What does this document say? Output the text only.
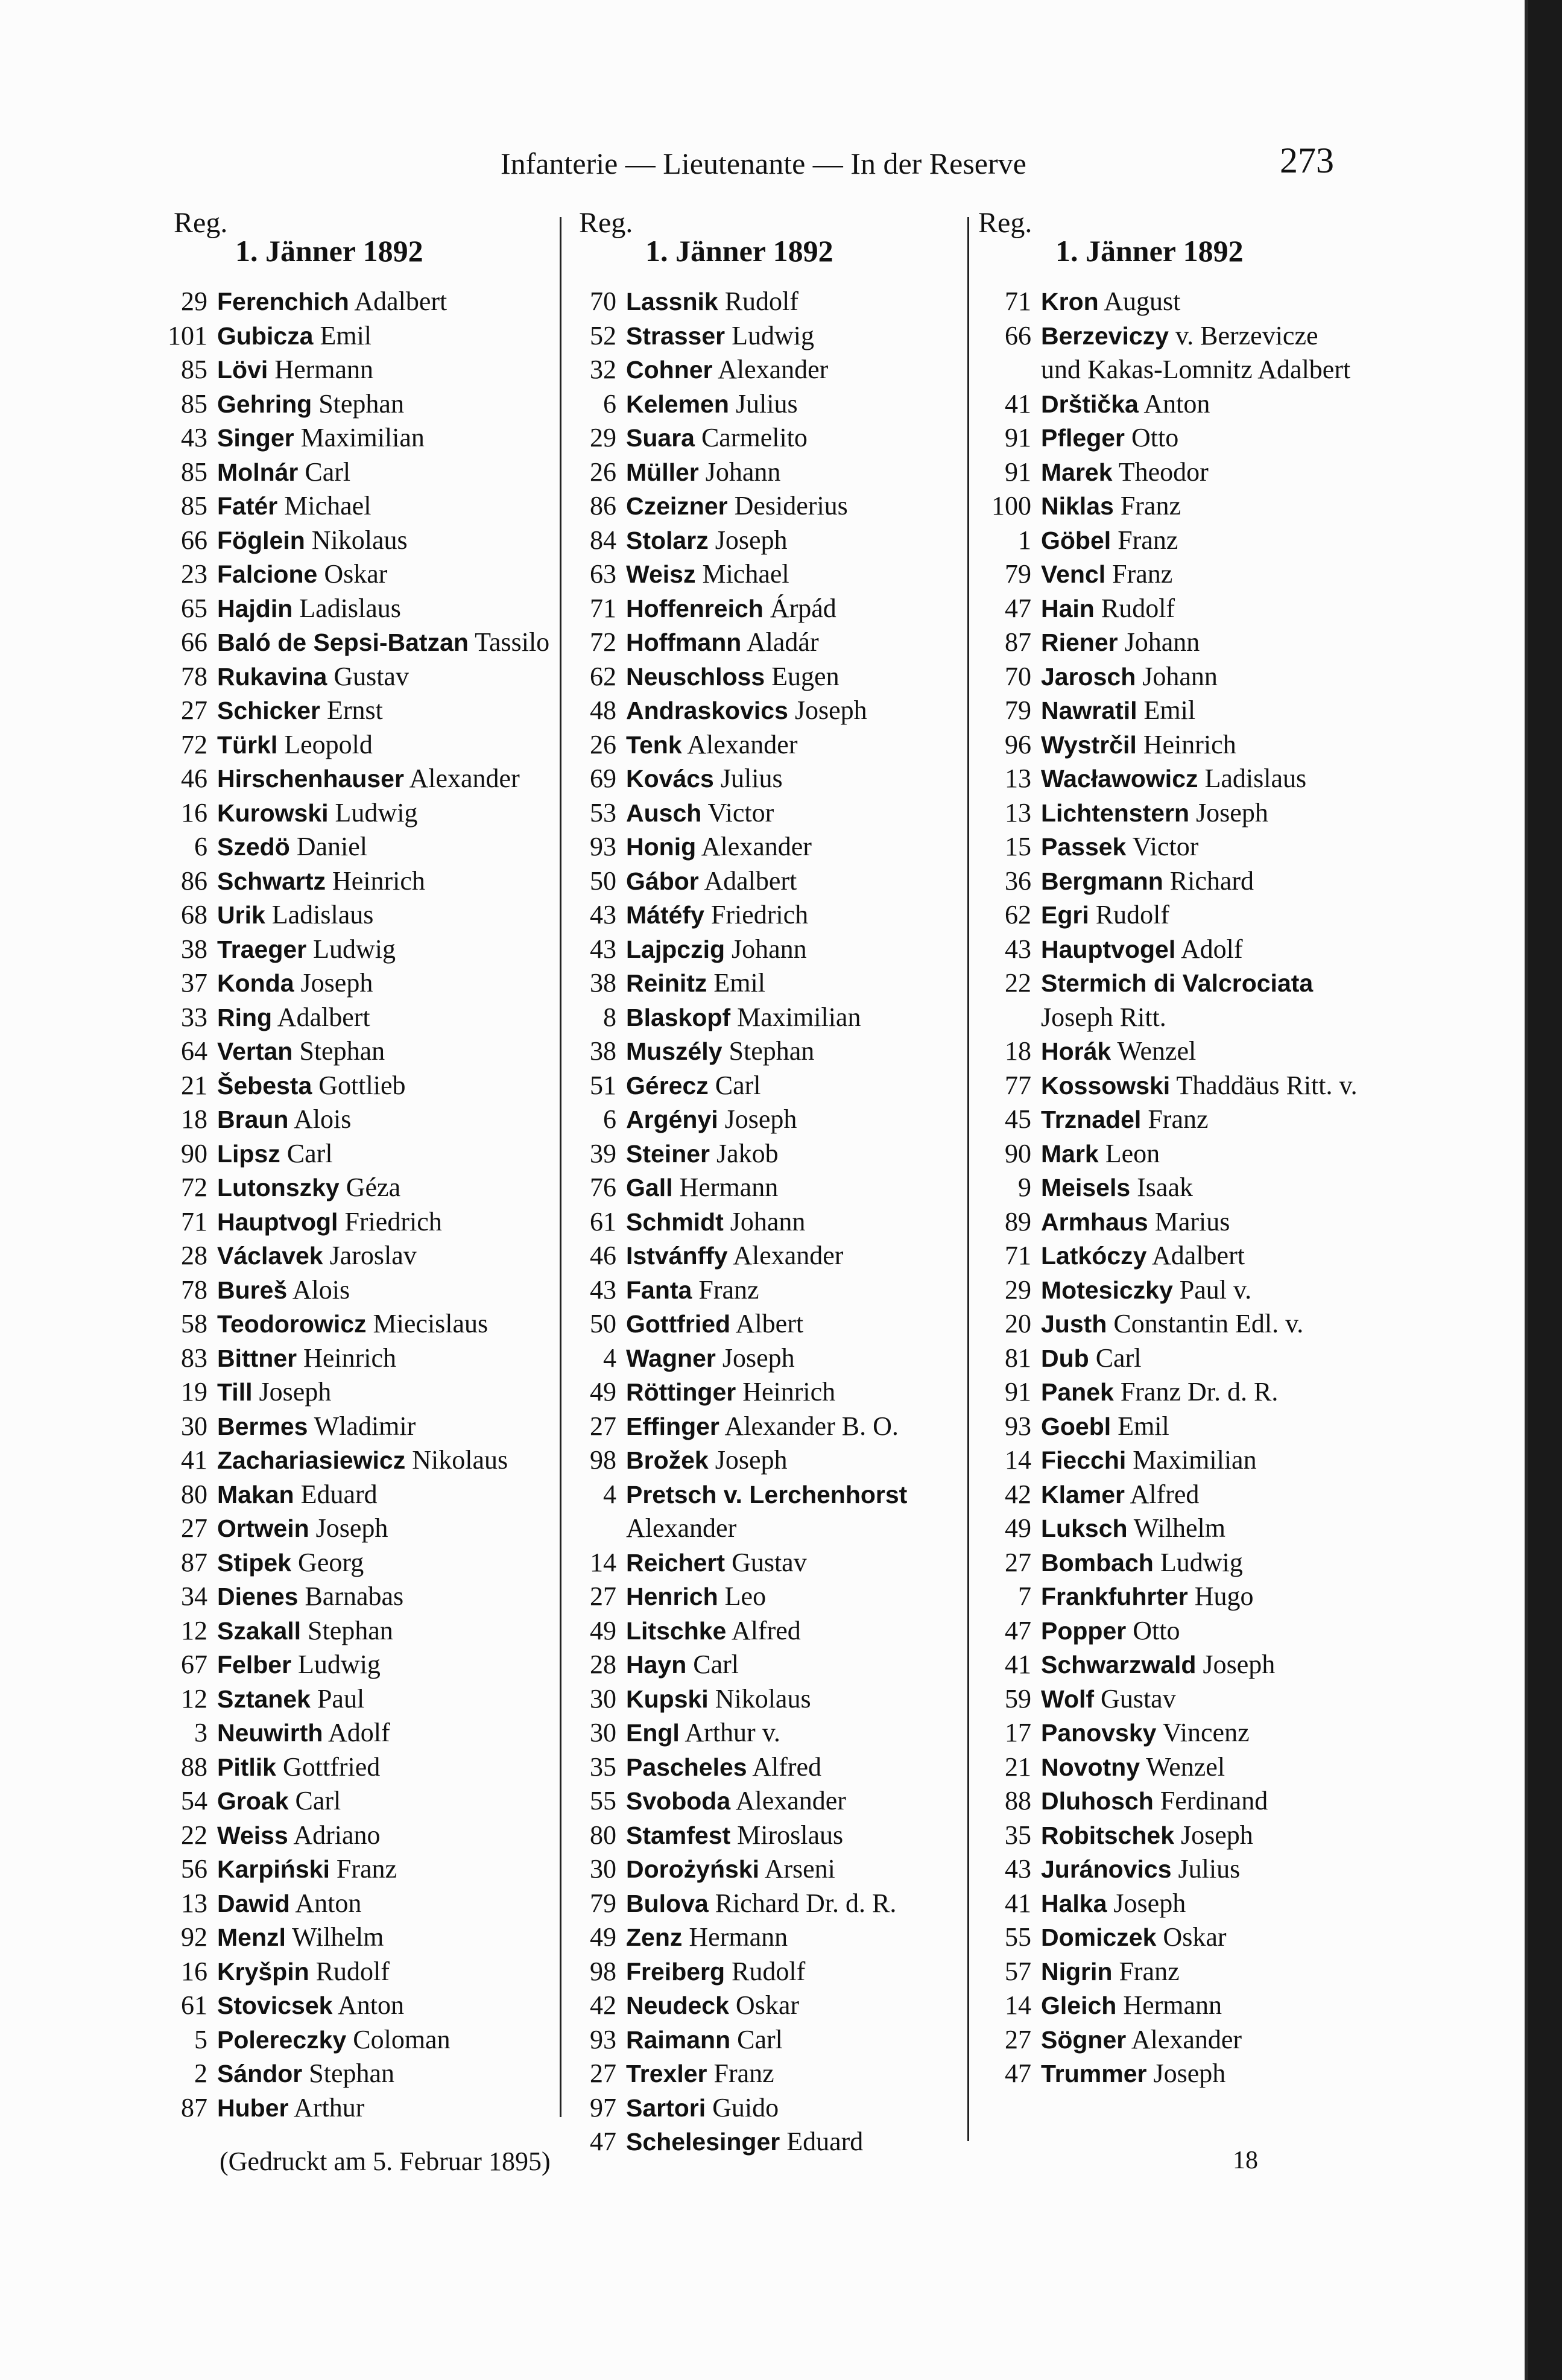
Infanterie — Lieutenante — In der Reserve	273
Reg.
1. Jänner 1892
29 Ferenchich Adalbert
101 Gubicza Emil
85 Lövi Hermann
85 Gehring Stephan
43 Singer Maximilian
85 Molnár Carl
85 Fatér Michael
66 Föglein Nikolaus
23 Falcione Oskar
65 Hajdin Ladislaus
66 Baló de Sepsi-Batzan Tassilo
78 Rukavina Gustav
27 Schicker Ernst
72 Türkl Leopold
46 Hirschenhauser Alexander
16 Kurowski Ludwig
6 Szedö Daniel
86 Schwartz Heinrich
68 Urik Ladislaus
38 Traeger Ludwig
37 Konda Joseph
33 Ring Adalbert
64 Vertan Stephan
21 Šebesta Gottlieb
18 Braun Alois
90 Lipsz Carl
72 Lutonszky Géza
71 Hauptvogl Friedrich
28 Václavek Jaroslav
78 Bureš Alois
58 Teodorowicz Miecislaus
83 Bittner Heinrich
19 Till Joseph
30 Bermes Wladimir
41 Zachariasiewicz Nikolaus
80 Makan Eduard
27 Ortwein Joseph
87 Stipek Georg
34 Dienes Barnabas
12 Szakall Stephan
67 Felber Ludwig
12 Sztanek Paul
3 Neuwirth Adolf
88 Pitlik Gottfried
54 Groak Carl
22 Weiss Adriano
56 Karpiński Franz
13 Dawid Anton
92 Menzl Wilhelm
16 Kryšpin Rudolf
61 Stovicsek Anton
5 Polereczky Coloman
2 Sándor Stephan
87 Huber Arthur
Reg.
1. Jänner 1892
70 Lassnik Rudolf
52 Strasser Ludwig
32 Cohner Alexander
6 Kelemen Julius
29 Suara Carmelito
26 Müller Johann
86 Czeizner Desiderius
84 Stolarz Joseph
63 Weisz Michael
71 Hoffenreich Árpád
72 Hoffmann Aladár
62 Neuschloss Eugen
48 Andraskovics Joseph
26 Tenk Alexander
69 Kovács Julius
53 Ausch Victor
93 Honig Alexander
50 Gábor Adalbert
43 Mátéfy Friedrich
43 Lajpczig Johann
38 Reinitz Emil
8 Blaskopf Maximilian
38 Muszély Stephan
51 Gérecz Carl
6 Argényi Joseph
39 Steiner Jakob
76 Gall Hermann
61 Schmidt Johann
46 Istvánffy Alexander
43 Fanta Franz
50 Gottfried Albert
4 Wagner Joseph
49 Röttinger Heinrich
27 Effinger Alexander B. O.
98 Brožek Joseph
4 Pretsch v. Lerchenhorst Alexander
14 Reichert Gustav
27 Henrich Leo
49 Litschke Alfred
28 Hayn Carl
30 Kupski Nikolaus
30 Engl Arthur v.
35 Pascheles Alfred
55 Svoboda Alexander
80 Stamfest Miroslaus
30 Dorożyński Arseni
79 Bulova Richard Dr. d. R.
49 Zenz Hermann
98 Freiberg Rudolf
42 Neudeck Oskar
93 Raimann Carl
27 Trexler Franz
97 Sartori Guido
47 Schelesinger Eduard
Reg.
1. Jänner 1892
71 Kron August
66 Berzeviczy v. Berzevicze und Kakas-Lomnitz Adalbert
41 Drštička Anton
91 Pfleger Otto
91 Marek Theodor
100 Niklas Franz
1 Göbel Franz
79 Vencl Franz
47 Hain Rudolf
87 Riener Johann
70 Jarosch Johann
79 Nawratil Emil
96 Wystrčil Heinrich
13 Wacławowicz Ladislaus
13 Lichtenstern Joseph
15 Passek Victor
36 Bergmann Richard
62 Egri Rudolf
43 Hauptvogel Adolf
22 Stermich di Valcrociata Joseph Ritt.
18 Horák Wenzel
77 Kossowski Thaddäus Ritt. v.
45 Trznadel Franz
90 Mark Leon
9 Meisels Isaak
89 Armhaus Marius
71 Latkóczy Adalbert
29 Motesiczky Paul v.
20 Justh Constantin Edl. v.
81 Dub Carl
91 Panek Franz Dr. d. R.
93 Goebl Emil
14 Fiecchi Maximilian
42 Klamer Alfred
49 Luksch Wilhelm
27 Bombach Ludwig
7 Frankfuhrter Hugo
47 Popper Otto
41 Schwarzwald Joseph
59 Wolf Gustav
17 Panovsky Vincenz
21 Novotny Wenzel
88 Dluhosch Ferdinand
35 Robitschek Joseph
43 Juránovics Julius
41 Halka Joseph
55 Domiczek Oskar
57 Nigrin Franz
14 Gleich Hermann
27 Sögner Alexander
47 Trummer Joseph
(Gedruckt am 5. Februar 1895)	18
